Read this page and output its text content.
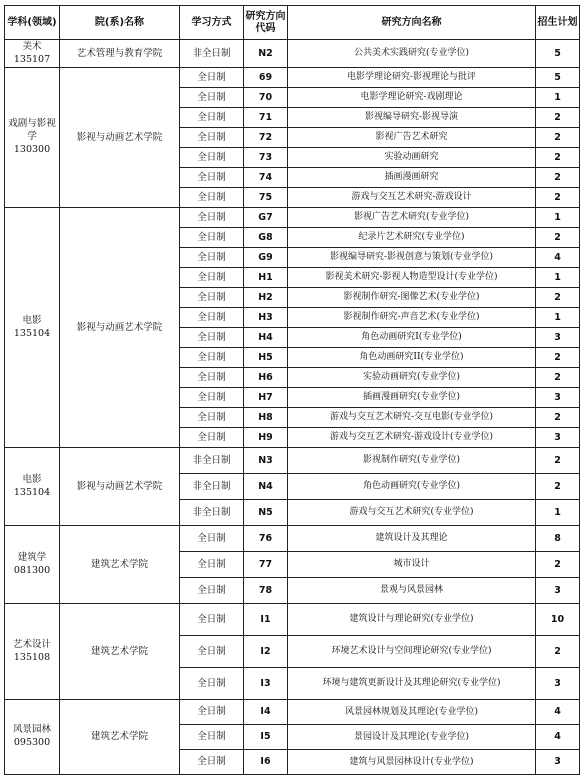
学科(领域)	院(系)名称	学习方式	研究方向代码	研究方向名称	招生计划

美术
135107	艺术管理与教育学院	非全日制	N2	公共美术实践研究(专业学位)	5

戏剧与影视学
130300	影视与动画艺术学院	全日制	69	电影学理论研究-影视理论与批评	5
		全日制	70	电影学理论研究-戏剧理论	1
		全日制	71	影视编导研究-影视导演	2
		全日制	72	影视广告艺术研究	2
		全日制	73	实验动画研究	2
		全日制	74	插画漫画研究	2
		全日制	75	游戏与交互艺术研究-游戏设计	2

电影
135104	影视与动画艺术学院	全日制	G7	影视广告艺术研究(专业学位)	1
		全日制	G8	纪录片艺术研究(专业学位)	2
		全日制	G9	影视编导研究-影视创意与策划(专业学位)	4
		全日制	H1	影视美术研究-影视人物造型设计(专业学位)	1
		全日制	H2	影视制作研究-图像艺术(专业学位)	2
		全日制	H3	影视制作研究-声音艺术(专业学位)	1
		全日制	H4	角色动画研究I(专业学位)	3
		全日制	H5	角色动画研究II(专业学位)	2
		全日制	H6	实验动画研究(专业学位)	2
		全日制	H7	插画漫画研究(专业学位)	3
		全日制	H8	游戏与交互艺术研究-交互电影(专业学位)	2
		全日制	H9	游戏与交互艺术研究-游戏设计(专业学位)	3

电影
135104	影视与动画艺术学院	非全日制	N3	影视制作研究(专业学位)	2
		非全日制	N4	角色动画研究(专业学位)	2
		非全日制	N5	游戏与交互艺术研究(专业学位)	1

建筑学
081300	建筑艺术学院	全日制	76	建筑设计及其理论	8
		全日制	77	城市设计	2
		全日制	78	景观与风景园林	3

艺术设计
135108	建筑艺术学院	全日制	I1	建筑设计与理论研究(专业学位)	10
		全日制	I2	环境艺术设计与空间理论研究(专业学位)	2
		全日制	I3	环境与建筑更新设计及其理论研究(专业学位)	3

风景园林
095300	建筑艺术学院	全日制	I4	风景园林规划及其理论(专业学位)	4
		全日制	I5	景园设计及其理论(专业学位)	4
		全日制	I6	建筑与风景园林设计(专业学位)	3
